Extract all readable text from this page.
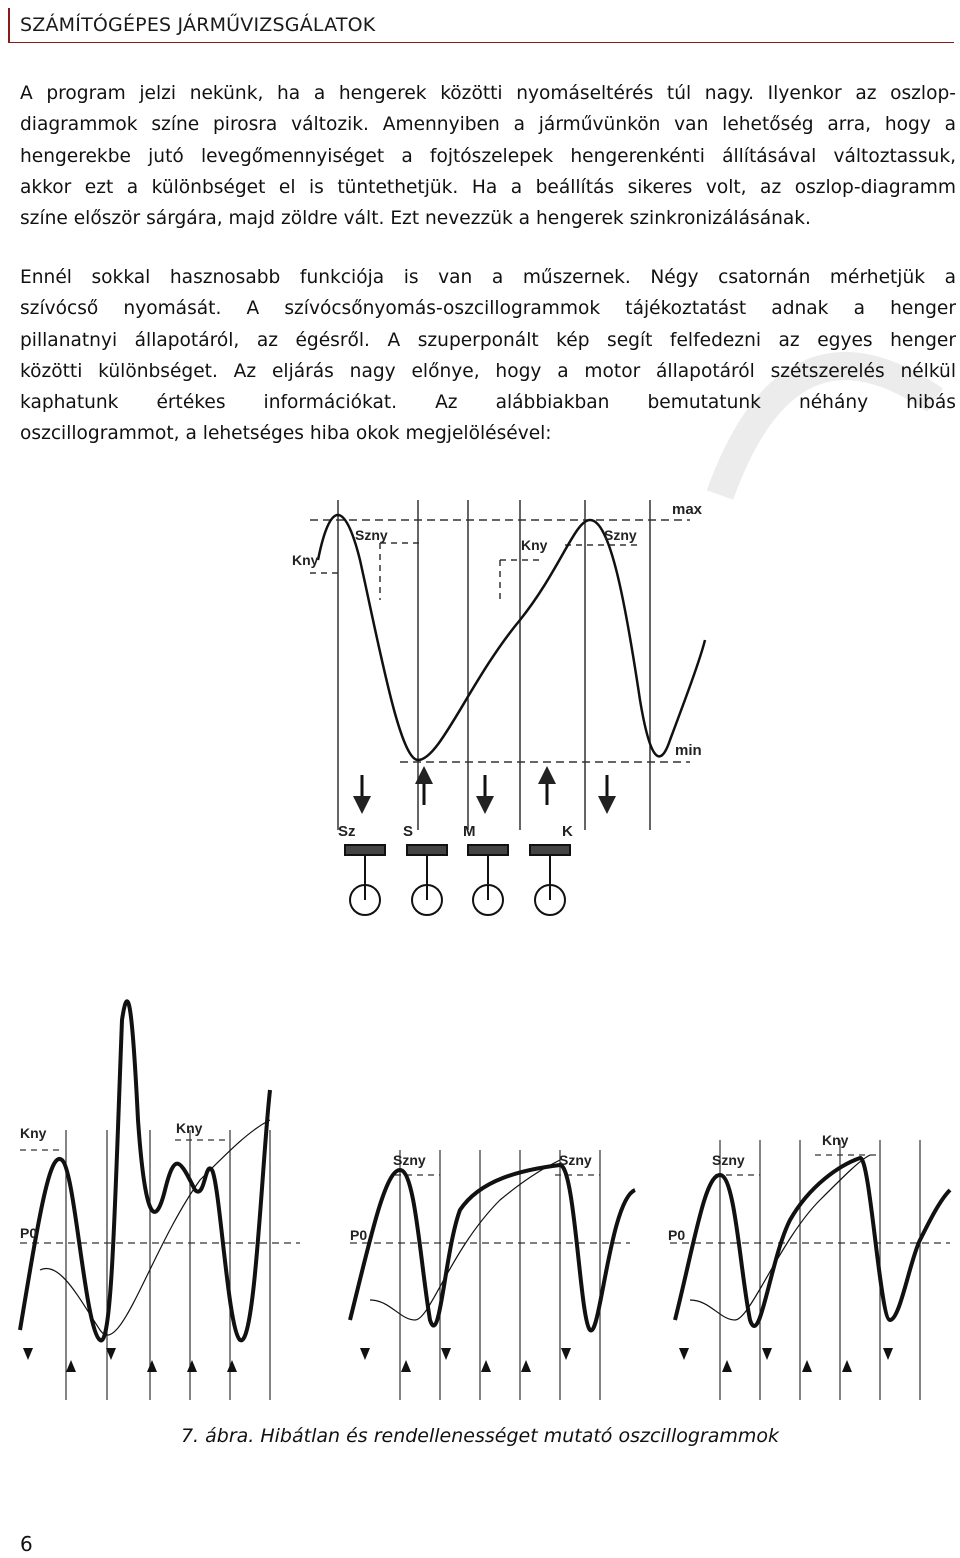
SZÁMÍTÓGÉPES JÁRMŰVIZSGÁLATOK
A program jelzi nekünk, ha a hengerek közötti nyomáseltérés túl nagy. Ilyenkor az oszlop-
diagrammok színe pirosra változik. Amennyiben a járművünkön van lehetőség arra, hogy a
hengerekbe jutó levegőmennyiséget a fojtószelepek hengerenkénti állításával változtassuk,
akkor ezt a különbséget el is tüntethetjük. Ha a beállítás sikeres volt, az oszlop-diagramm
színe először sárgára, majd zöldre vált. Ezt nevezzük a hengerek szinkronizálásának.
Ennél sokkal hasznosabb funkciója is van a műszernek. Négy csatornán mérhetjük a
szívócső nyomását. A szívócsőnyomás-oszcillogrammok tájékoztatást adnak a henger
pillanatnyi állapotáról, az égésről. A szuperponált kép segít felfedezni az egyes henger
közötti különbséget. Az eljárás nagy előnye, hogy a motor állapotáról szétszerelés nélkül
kaphatunk értékes információkat. Az alábbiakban bemutatunk néhány hibás
oszcillogrammot, a lehetséges hiba okok megjelölésével:
max
min
Szny	Szny
Kny
Kny
Sz	S	M	K
Kny	Kny
P0
Szny	Szny
P0
Szny
Kny
P0
7. ábra. Hibátlan és rendellenességet mutató oszcillogrammok
6
